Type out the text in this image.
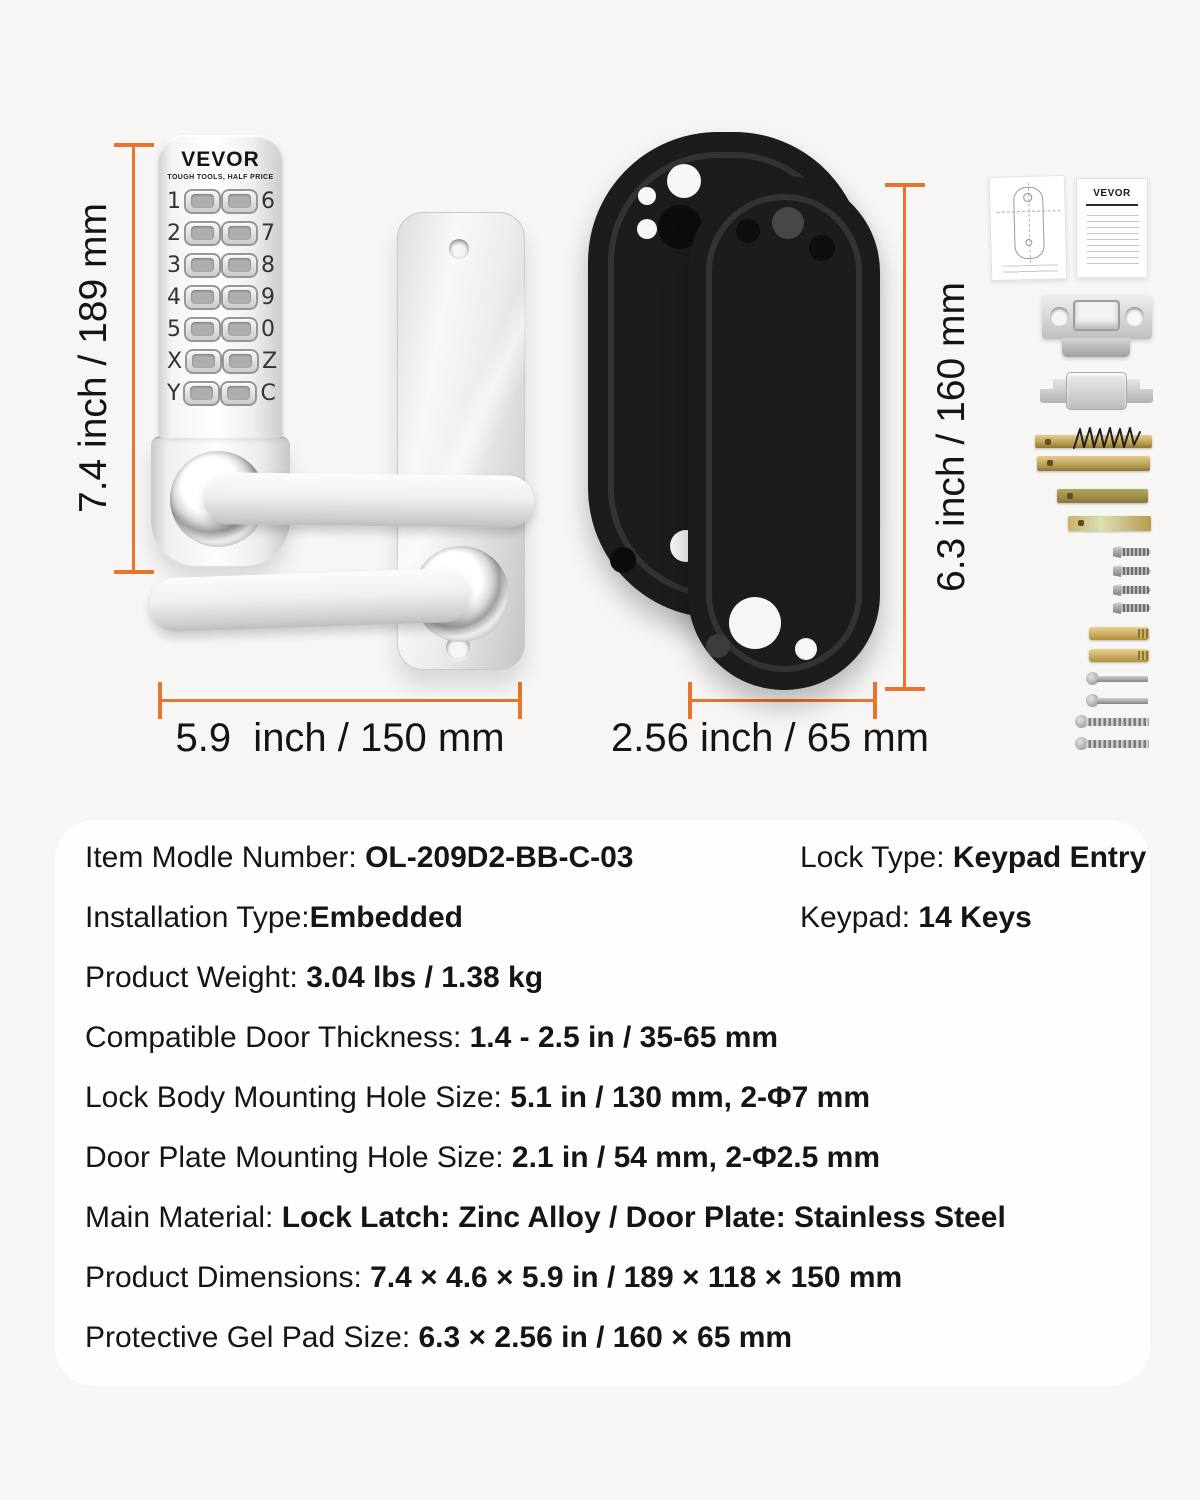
7.4 inch / 189 mm
VEVOR
TOUGH TOOLS, HALF PRICE
1	6
2	7
3	8
4	9
5	0
X	Z
Y	C
5.9  inch / 150 mm
6.3 inch / 160 mm
2.56 inch / 65 mm
VEVOR
Item Modle Number: OL-209D2-BB-C-03
Installation Type:Embedded
Product Weight: 3.04 lbs / 1.38 kg
Compatible Door Thickness: 1.4 - 2.5 in / 35-65 mm
Lock Body Mounting Hole Size: 5.1 in / 130 mm, 2-Φ7 mm
Door Plate Mounting Hole Size: 2.1 in / 54 mm, 2-Φ2.5 mm
Main Material: Lock Latch: Zinc Alloy / Door Plate: Stainless Steel
Product Dimensions: 7.4 × 4.6 × 5.9 in / 189 × 118 × 150 mm
Protective Gel Pad Size: 6.3 × 2.56 in / 160 × 65 mm
Lock Type: Keypad Entry
Keypad: 14 Keys
